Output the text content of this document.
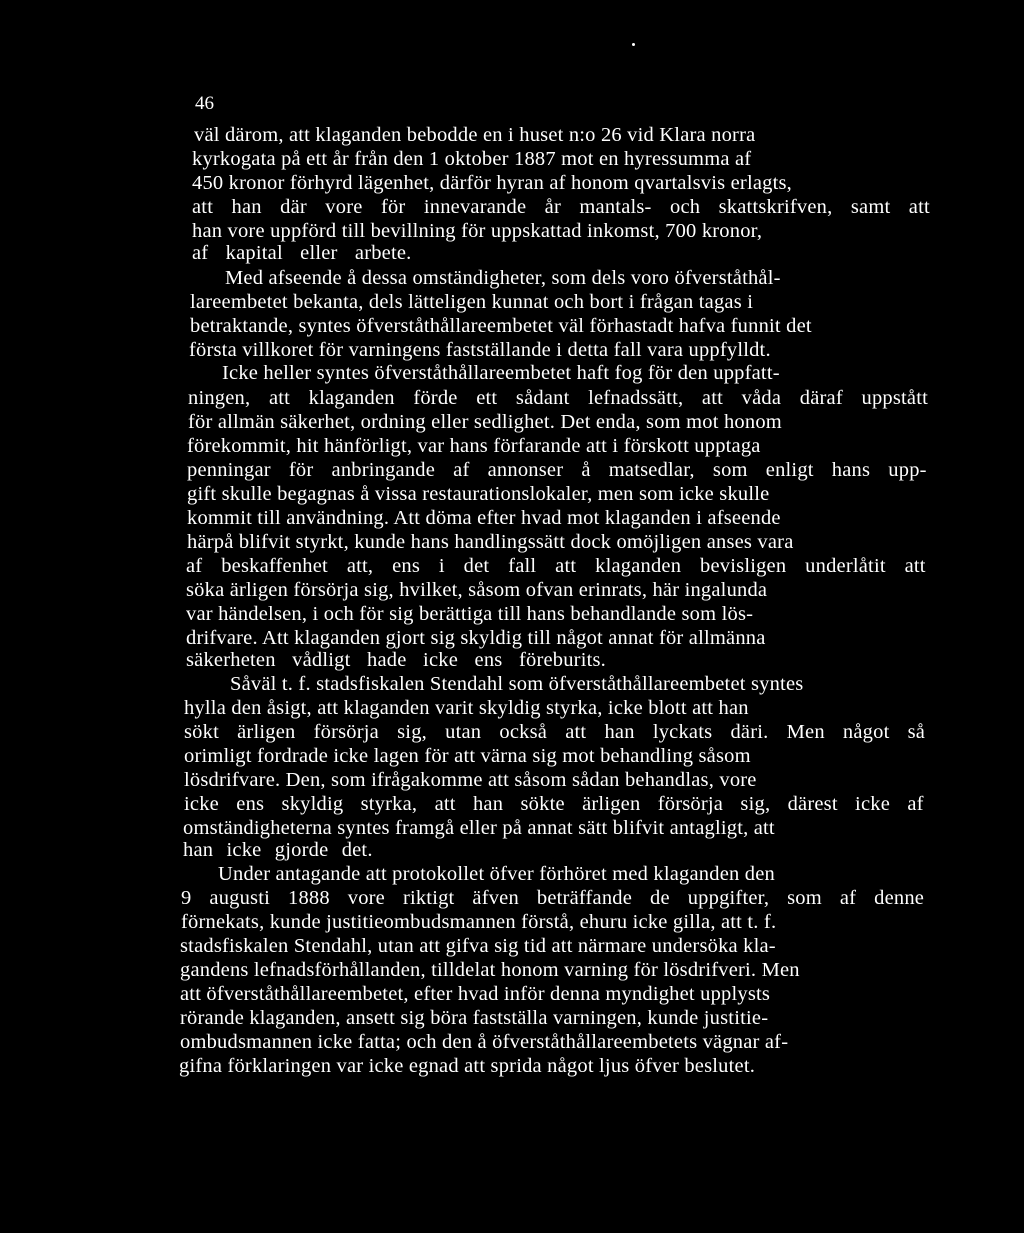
46
väl därom, att klaganden bebodde en i huset n:o 26 vid Klara norra
kyrkogata på ett år från den 1 oktober 1887 mot en hyressumma af
450 kronor förhyrd lägenhet, därför hyran af honom qvartalsvis erlagts,
att han där vore för innevarande år mantals- och skattskrifven, samt att
han vore uppförd till bevillning för uppskattad inkomst, 700 kronor,
af kapital eller arbete.
Med afseende å dessa omständigheter, som dels voro öfverståthål-
lareembetet bekanta, dels lätteligen kunnat och bort i frågan tagas i
betraktande, syntes öfverståthållareembetet väl förhastadt hafva funnit det
första villkoret för varningens fastställande i detta fall vara uppfylldt.
Icke heller syntes öfverståthållareembetet haft fog för den uppfatt-
ningen, att klaganden förde ett sådant lefnadssätt, att våda däraf uppstått
för allmän säkerhet, ordning eller sedlighet. Det enda, som mot honom
förekommit, hit hänförligt, var hans förfarande att i förskott upptaga
penningar för anbringande af annonser å matsedlar, som enligt hans upp-
gift skulle begagnas å vissa restaurationslokaler, men som icke skulle
kommit till användning. Att döma efter hvad mot klaganden i afseende
härpå blifvit styrkt, kunde hans handlingssätt dock omöjligen anses vara
af beskaffenhet att, ens i det fall att klaganden bevisligen underlåtit att
söka ärligen försörja sig, hvilket, såsom ofvan erinrats, här ingalunda
var händelsen, i och för sig berättiga till hans behandlande som lös-
drifvare. Att klaganden gjort sig skyldig till något annat för allmänna
säkerheten vådligt hade icke ens föreburits.
Såväl t. f. stadsfiskalen Stendahl som öfverståthållareembetet syntes
hylla den åsigt, att klaganden varit skyldig styrka, icke blott att han
sökt ärligen försörja sig, utan också att han lyckats däri. Men något så
orimligt fordrade icke lagen för att värna sig mot behandling såsom
lösdrifvare. Den, som ifrågakomme att såsom sådan behandlas, vore
icke ens skyldig styrka, att han sökte ärligen försörja sig, därest icke af
omständigheterna syntes framgå eller på annat sätt blifvit antagligt, att
han icke gjorde det.
Under antagande att protokollet öfver förhöret med klaganden den
9 augusti 1888 vore riktigt äfven beträffande de uppgifter, som af denne
förnekats, kunde justitieombudsmannen förstå, ehuru icke gilla, att t. f.
stadsfiskalen Stendahl, utan att gifva sig tid att närmare undersöka kla-
gandens lefnadsförhållanden, tilldelat honom varning för lösdrifveri. Men
att öfverståthållareembetet, efter hvad inför denna myndighet upplysts
rörande klaganden, ansett sig böra fastställa varningen, kunde justitie-
ombudsmannen icke fatta; och den å öfverståthållareembetets vägnar af-
gifna förklaringen var icke egnad att sprida något ljus öfver beslutet.
